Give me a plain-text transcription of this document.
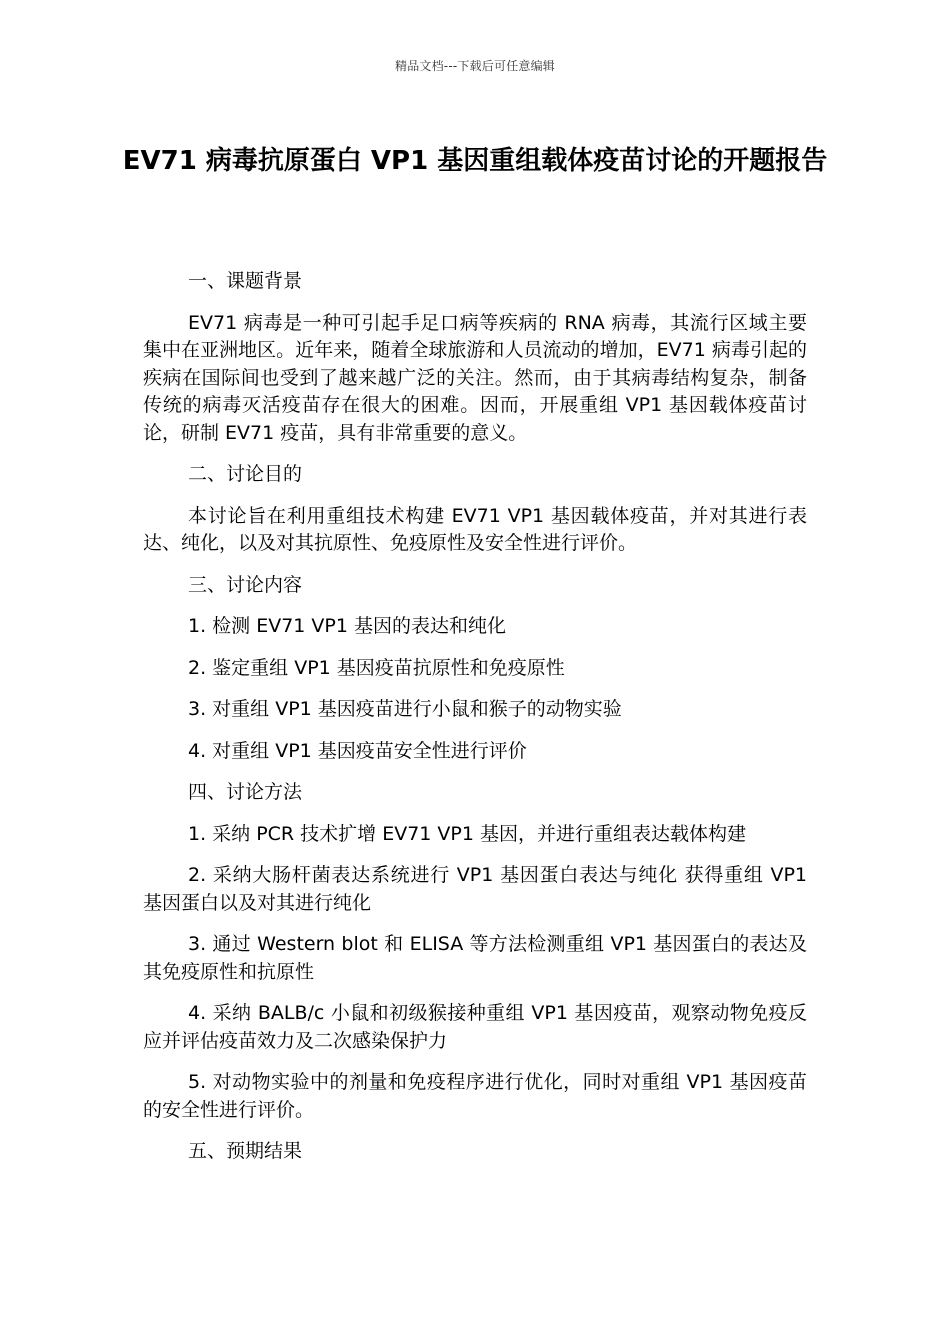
精品文档---下载后可任意编辑
EV71 病毒抗原蛋白 VP1 基因重组载体疫苗讨论的开题报告

一、课题背景

EV71 病毒是一种可引起手足口病等疾病的 RNA 病毒，其流行区域主要集中在亚洲地区。近年来，随着全球旅游和人员流动的增加，EV71 病毒引起的疾病在国际间也受到了越来越广泛的关注。然而，由于其病毒结构复杂，制备传统的病毒灭活疫苗存在很大的困难。因而，开展重组 VP1 基因载体疫苗讨论，研制 EV71 疫苗，具有非常重要的意义。

二、讨论目的

本讨论旨在利用重组技术构建 EV71 VP1 基因载体疫苗，并对其进行表达、纯化，以及对其抗原性、免疫原性及安全性进行评价。

三、讨论内容

1. 检测 EV71 VP1 基因的表达和纯化

2. 鉴定重组 VP1 基因疫苗抗原性和免疫原性

3. 对重组 VP1 基因疫苗进行小鼠和猴子的动物实验

4. 对重组 VP1 基因疫苗安全性进行评价

四、讨论方法

1. 采纳 PCR 技术扩增 EV71 VP1 基因，并进行重组表达载体构建

2. 采纳大肠杆菌表达系统进行 VP1 基因蛋白表达与纯化 获得重组 VP1 基因蛋白以及对其进行纯化

3. 通过 Western blot 和 ELISA 等方法检测重组 VP1 基因蛋白的表达及其免疫原性和抗原性

4. 采纳 BALB/c 小鼠和初级猴接种重组 VP1 基因疫苗，观察动物免疫反应并评估疫苗效力及二次感染保护力

5. 对动物实验中的剂量和免疫程序进行优化，同时对重组 VP1 基因疫苗的安全性进行评价。

五、预期结果
